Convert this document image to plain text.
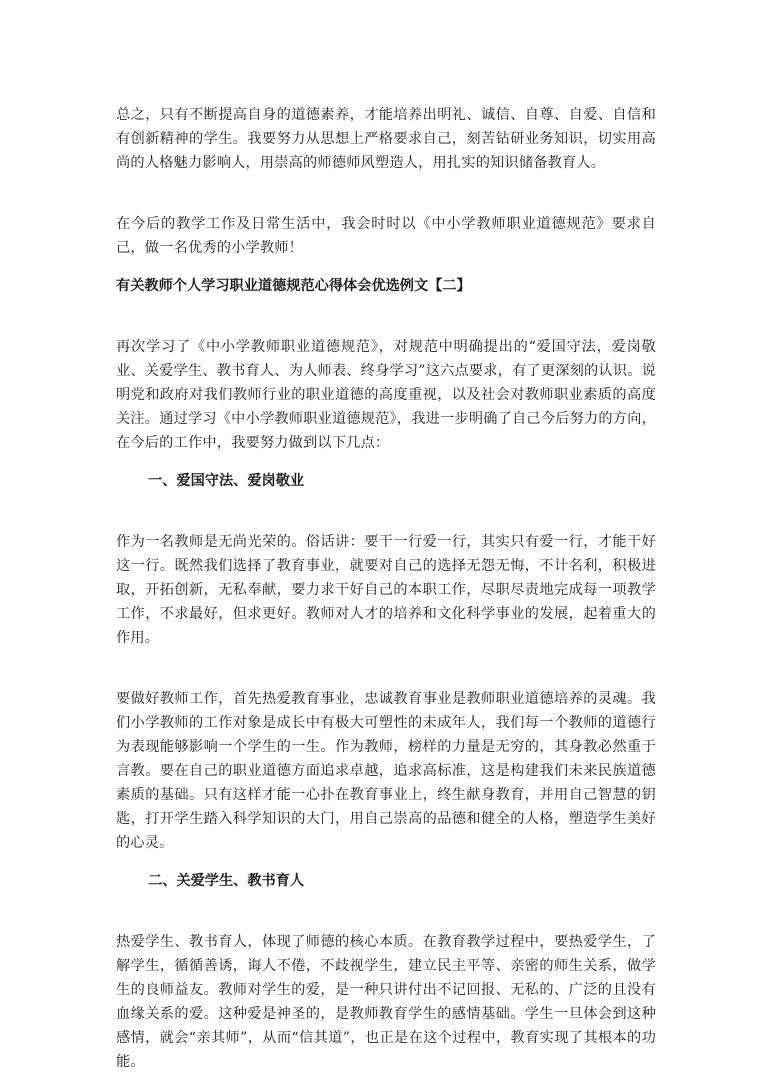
总之，只有不断提高自身的道德素养，才能培养出明礼、诚信、自尊、自爱、自信和有创新精神的学生。我要努力从思想上严格要求自己，刻苦钻研业务知识，切实用高尚的人格魅力影响人，用崇高的师德师风塑造人，用扎实的知识储备教育人。

在今后的教学工作及日常生活中，我会时时以《中小学教师职业道德规范》要求自己，做一名优秀的小学教师！

有关教师个人学习职业道德规范心得体会优选例文【二】

再次学习了《中小学教师职业道德规范》，对规范中明确提出的“爱国守法，爱岗敬业、关爱学生、教书育人、为人师表、终身学习”这六点要求，有了更深刻的认识。说明党和政府对我们教师行业的职业道德的高度重视，以及社会对教师职业素质的高度关注。通过学习《中小学教师职业道德规范》，我进一步明确了自己今后努力的方向，在今后的工作中，我要努力做到以下几点：

一、爱国守法、爱岗敬业

作为一名教师是无尚光荣的。俗话讲：要干一行爱一行，其实只有爱一行，才能干好这一行。既然我们选择了教育事业，就要对自己的选择无怨无悔，不计名利，积极进取，开拓创新，无私奉献，要力求干好自己的本职工作，尽职尽责地完成每一项教学工作，不求最好，但求更好。教师对人才的培养和文化科学事业的发展，起着重大的作用。

要做好教师工作，首先热爱教育事业，忠诚教育事业是教师职业道德培养的灵魂。我们小学教师的工作对象是成长中有极大可塑性的未成年人，我们每一个教师的道德行为表现能够影响一个学生的一生。作为教师，榜样的力量是无穷的，其身教必然重于言教。要在自己的职业道德方面追求卓越，追求高标准，这是构建我们未来民族道德素质的基础。只有这样才能一心扑在教育事业上，终生献身教育，并用自己智慧的钥匙，打开学生踏入科学知识的大门，用自己崇高的品德和健全的人格，塑造学生美好的心灵。

二、关爱学生、教书育人

热爱学生、教书育人，体现了师德的核心本质。在教育教学过程中，要热爱学生，了解学生，循循善诱，诲人不倦，不歧视学生，建立民主平等、亲密的师生关系，做学生的良师益友。教师对学生的爱，是一种只讲付出不记回报、无私的、广泛的且没有血缘关系的爱。这种爱是神圣的，是教师教育学生的感情基础。学生一旦体会到这种感情，就会“亲其师”，从而“信其道”，也正是在这个过程中，教育实现了其根本的功能。
